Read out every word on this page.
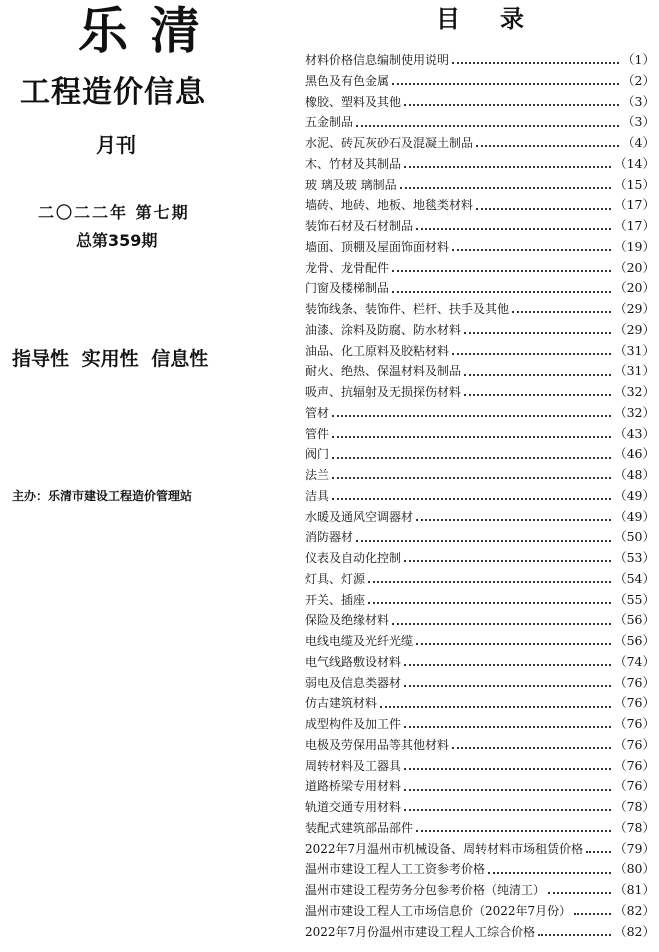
乐清
工程造价信息
月刊
二〇二二年 第七期
总第359期
指导性 实用性 信息性
主办：乐清市建设工程造价管理站
目录
材料价格信息编制使用说明	（1）
黑色及有色金属	（2）
橡胶、塑料及其他	（3）
五金制品	（3）
水泥、砖瓦灰砂石及混凝土制品	（4）
木、竹材及其制品	（14）
玻 璃及玻 璃制品	（15）
墙砖、地砖、地板、地毯类材料	（17）
装饰石材及石材制品	（17）
墙面、顶棚及屋面饰面材料	（19）
龙骨、龙骨配件	（20）
门窗及楼梯制品	（20）
装饰线条、装饰件、栏杆、扶手及其他	（29）
油漆、涂料及防腐、防水材料	（29）
油品、化工原料及胶粘材料	（31）
耐火、绝热、保温材料及制品	（31）
吸声、抗辐射及无损探伤材料	（32）
管材	（32）
管件	（43）
阀门	（46）
法兰	（48）
洁具	（49）
水暖及通风空调器材	（49）
消防器材	（50）
仪表及自动化控制	（53）
灯具、灯源	（54）
开关、插座	（55）
保险及绝缘材料	（56）
电线电缆及光纤光缆	（56）
电气线路敷设材料	（74）
弱电及信息类器材	（76）
仿古建筑材料	（76）
成型构件及加工件	（76）
电极及劳保用品等其他材料	（76）
周转材料及工器具	（76）
道路桥梁专用材料	（76）
轨道交通专用材料	（78）
装配式建筑部品部件	（78）
2022年7月温州市机械设备、周转材料市场租赁价格 （79）
温州市建设工程人工工资参考价格	（80）
温州市建设工程劳务分包参考价格（纯清工）	（81）
温州市建设工程人工市场信息价（2022年7月份）	（82）
2022年7月份温州市建设工程人工综合价格	（82）
